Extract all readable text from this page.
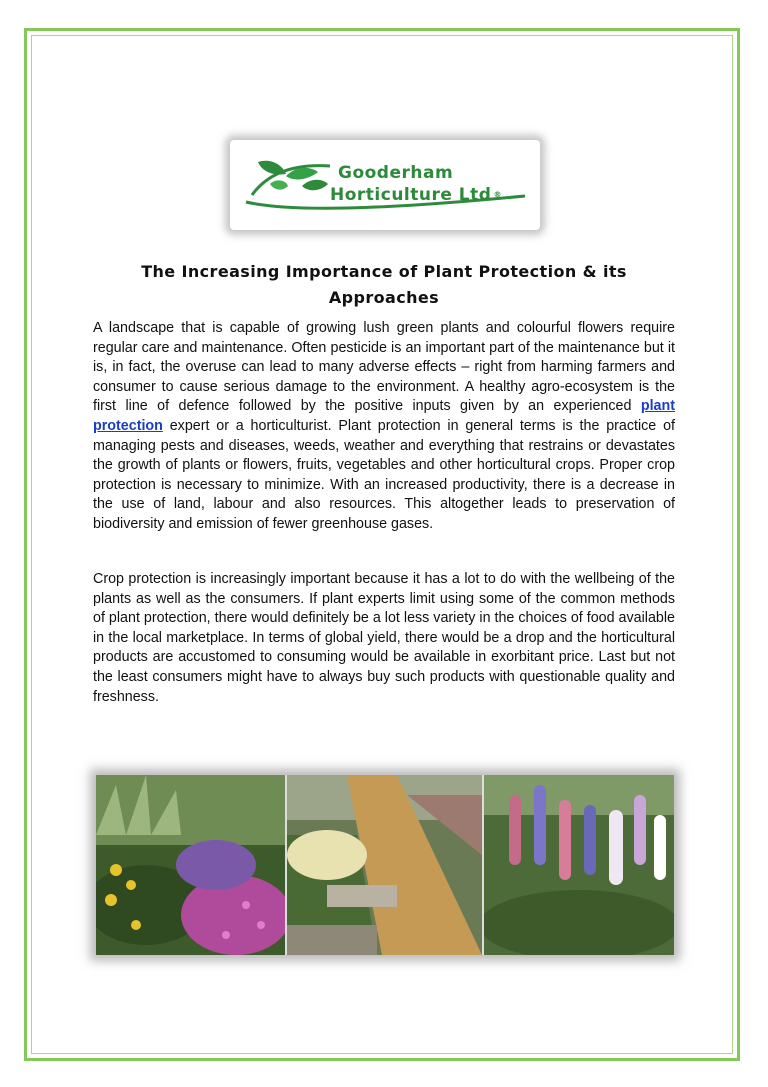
Gooderham
Horticulture Ltd ®
The Increasing Importance of Plant Protection & its
Approaches

A landscape that is capable of growing lush green plants and colourful flowers require regular care and maintenance. Often pesticide is an important part of the maintenance but it is, in fact, the overuse can lead to many adverse effects – right from harming farmers and consumer to cause serious damage to the environment. A healthy agro-ecosystem is the first line of defence followed by the positive inputs given by an experienced plant protection expert or a horticulturist. Plant protection in general terms is the practice of managing pests and diseases, weeds, weather and everything that restrains or devastates the growth of plants or flowers, fruits, vegetables and other horticultural crops. Proper crop protection is necessary to minimize. With an increased productivity, there is a decrease in the use of land, labour and also resources. This altogether leads to preservation of biodiversity and emission of fewer greenhouse gases.

Crop protection is increasingly important because it has a lot to do with the wellbeing of the plants as well as the consumers. If plant experts limit using some of the common methods of plant protection, there would definitely be a lot less variety in the choices of food available in the local marketplace. In terms of global yield, there would be a drop and the horticultural products are accustomed to consuming would be available in exorbitant price. Last but not the least consumers might have to always buy such products with questionable quality and freshness.
